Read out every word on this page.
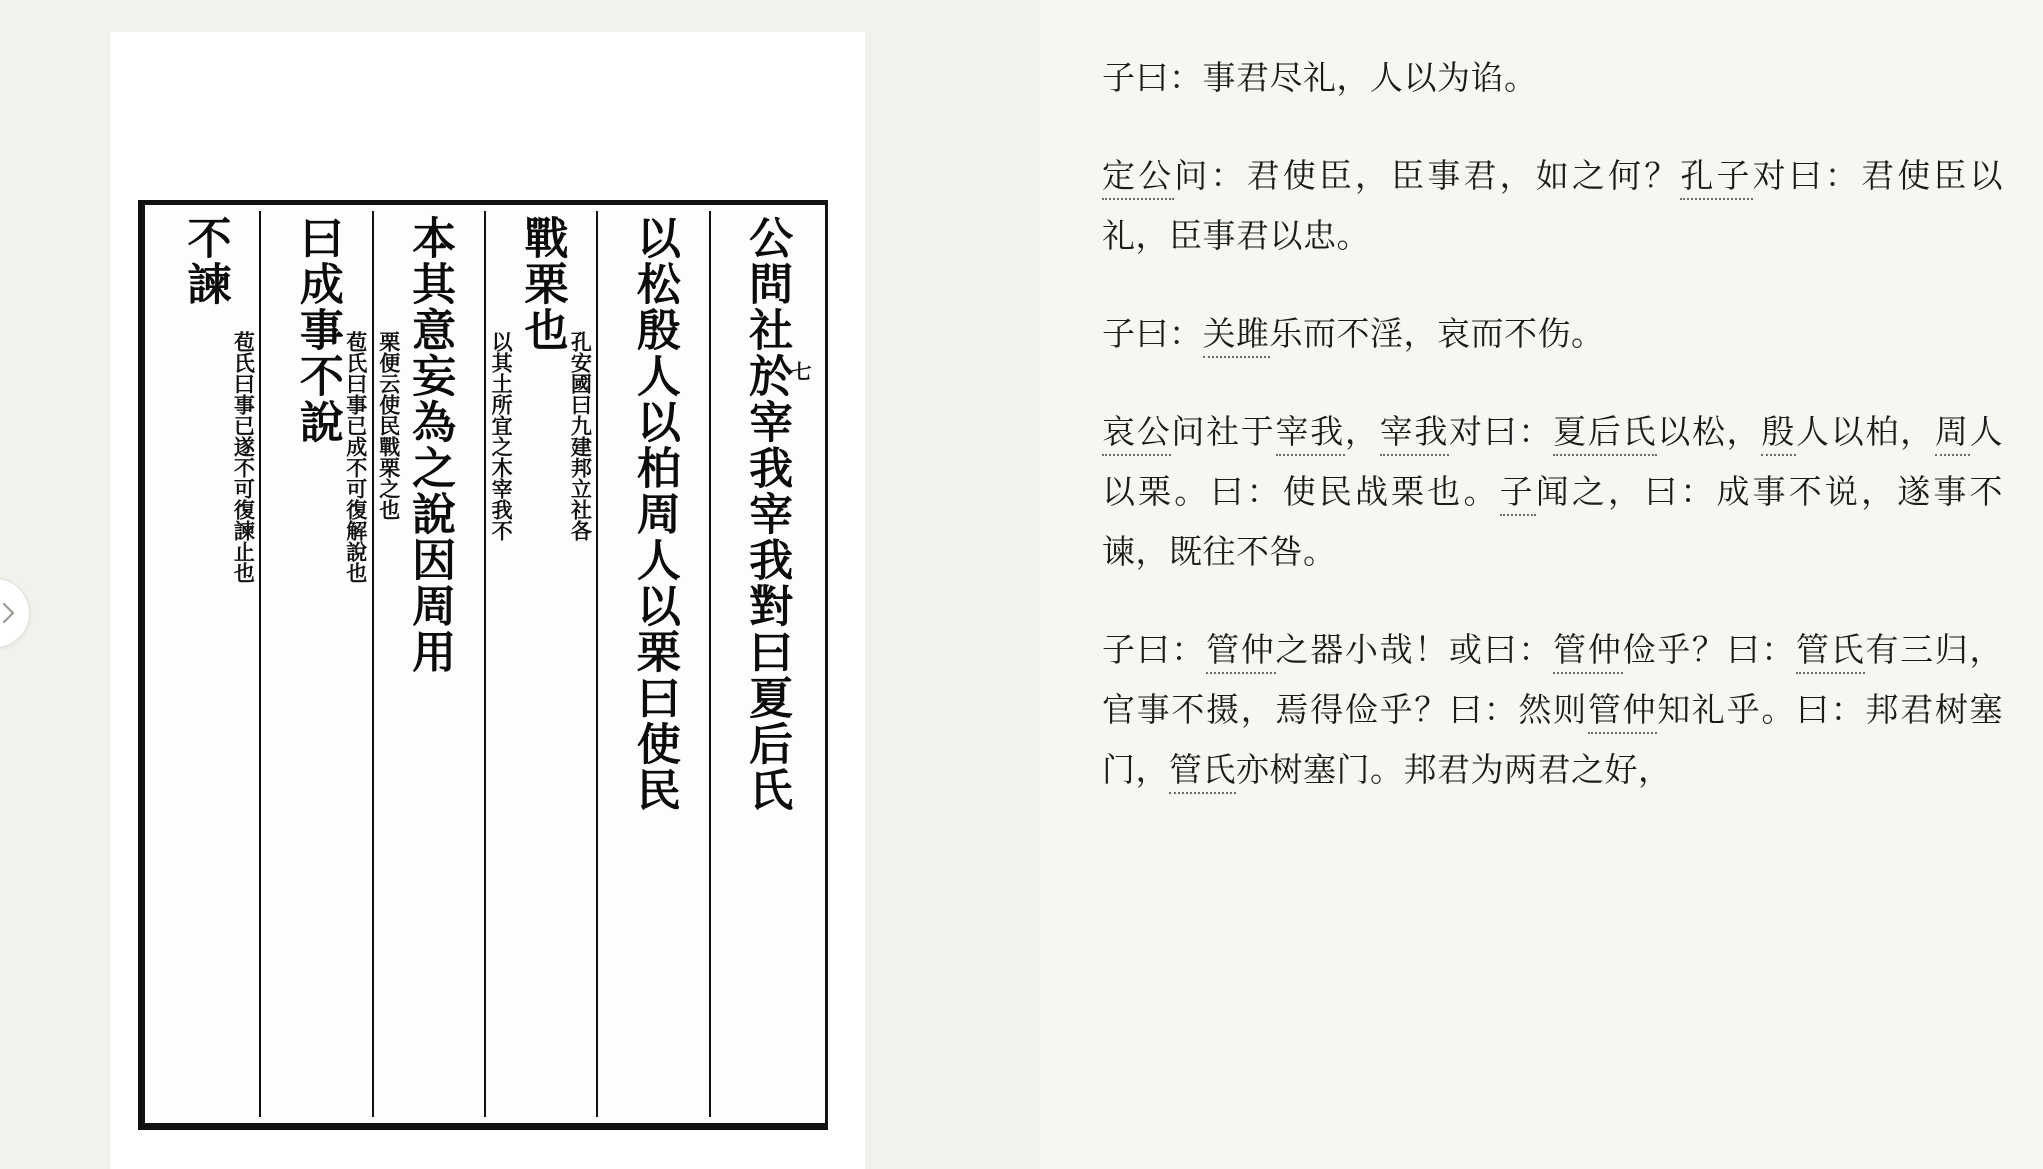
公問社於宰我宰我對曰夏后氏
七
以松殷人以柏周人以栗曰使民
戰栗也
孔安國曰九建邦立社各
以其土所宜之木宰我不
本其意妄為之說因周用
栗便云使民戰栗之也
曰成事不說
苞氏曰事已成不可復解說也
不諫
苞氏曰事已遂不可復諫止也

子曰：事君尽礼，人以为谄。

定公问：君使臣，臣事君，如之何？孔子对曰：君使臣以礼，臣事君以忠。

子曰：关雎乐而不淫，哀而不伤。

哀公问社于宰我，宰我对曰：夏后氏以松，殷人以柏，周人以栗。曰：使民战栗也。子闻之，曰：成事不说，遂事不谏，既往不咎。

子曰：管仲之器小哉！或曰：管仲俭乎？曰：管氏有三归，官事不摄，焉得俭乎？曰：然则管仲知礼乎。曰：邦君树塞门，管氏亦树塞门。邦君为两君之好，
